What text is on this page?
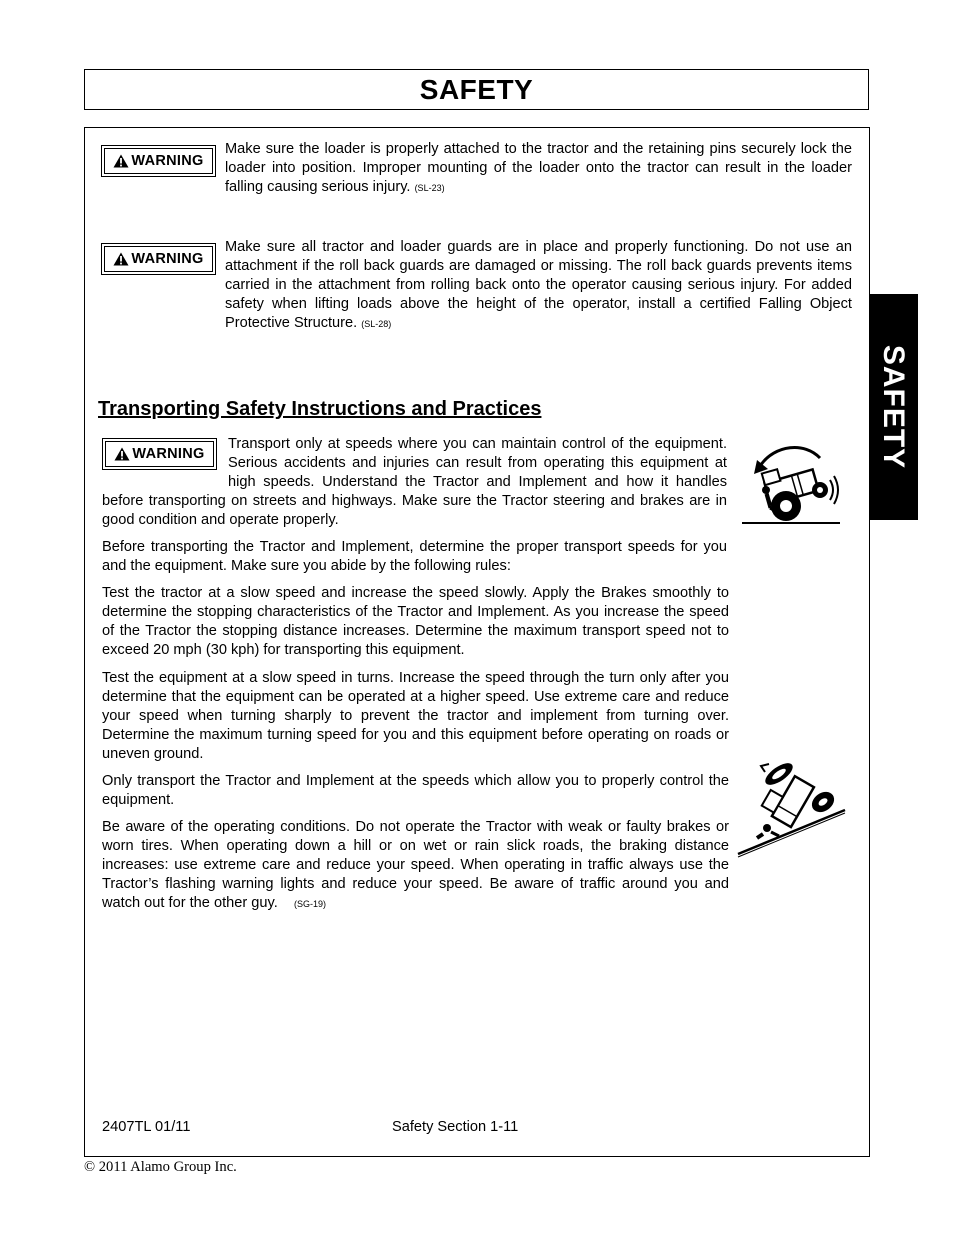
SAFETY
SAFETY
WARNING

Make sure the loader is properly attached to the tractor and the retaining pins securely lock the loader into position. Improper mounting of the loader onto the tractor can result in the loader falling causing serious injury. (SL-23)

WARNING

Make sure all tractor and loader guards are in place and properly functioning. Do not use an attachment if the roll back guards are damaged or missing. The roll back guards prevents items carried in the attachment from rolling back onto the operator causing serious injury. For added safety when lifting loads above the height of the operator, install a certified Falling Object Protective Structure. (SL-28)

Transporting Safety Instructions and Practices
WARNING
Transport only at speeds where you can maintain control of the equipment. Serious accidents and injuries can result from operating this equipment at high speeds. Understand the Tractor and Implement and how it handles before transporting on streets and highways. Make sure the Tractor steering and brakes are in good condition and operate properly.

Before transporting the Tractor and Implement, determine the proper transport speeds for you and the equipment. Make sure you abide by the following rules:

Test the tractor at a slow speed and increase the speed slowly. Apply the Brakes smoothly to determine the stopping characteristics of the Tractor and Implement. As you increase the speed of the Tractor the stopping distance increases. Determine the maximum transport speed not to exceed 20 mph (30 kph) for transporting this equipment.

Test the equipment at a slow speed in turns. Increase the speed through the turn only after you determine that the equipment can be operated at a higher speed. Use extreme care and reduce your speed when turning sharply to prevent the tractor and implement from turning over. Determine the maximum turning speed for you and this equipment before operating on roads or uneven ground.

Only transport the Tractor and Implement at the speeds which allow you to properly control the equipment.

Be aware of the operating conditions. Do not operate the Tractor with weak or faulty brakes or worn tires. When operating down a hill or on wet or rain slick roads, the braking distance increases: use extreme care and reduce your speed. When operating in traffic always use the Tractor’s flashing warning lights and reduce your speed. Be aware of traffic around you and watch out for the other guy. (SG-19)

2407TL 01/11	Safety Section 1-11
© 2011 Alamo Group Inc.
